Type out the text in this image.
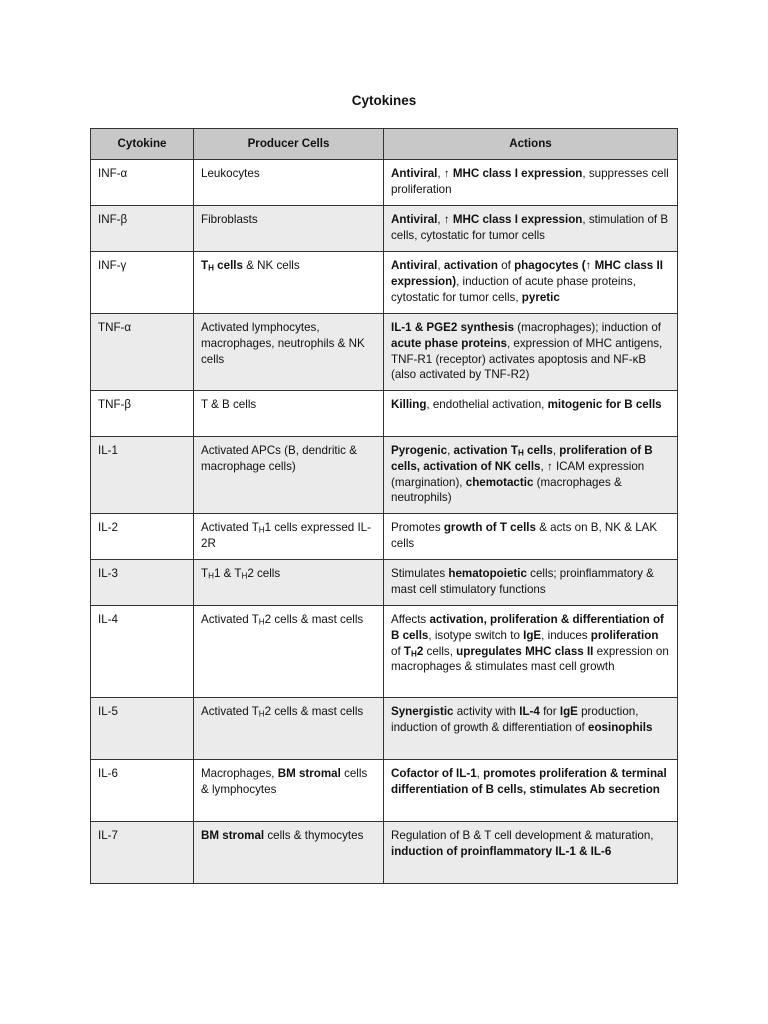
Cytokines
Cytokine	Producer Cells	Actions
INF-α	Leukocytes	Antiviral, ↑ MHC class I expression, suppresses cell proliferation
INF-β	Fibroblasts	Antiviral, ↑ MHC class I expression, stimulation of B cells, cytostatic for tumor cells
INF-γ	$T_H$ cells & NK cells	Antiviral, activation of phagocytes (↑ MHC class II expression), induction of acute phase proteins, cytostatic for tumor cells, pyretic
TNF-α	Activated lymphocytes, macrophages, neutrophils & NK cells	IL-1 & PGE2 synthesis (macrophages); induction of acute phase proteins, expression of MHC antigens, TNF-R1 (receptor) activates apoptosis and NF-κB (also activated by TNF-R2)
TNF-β	T & B cells	Killing, endothelial activation, mitogenic for B cells
IL-1	Activated APCs (B, dendritic & macrophage cells)	Pyrogenic, activation $T_H$ cells, proliferation of B cells, activation of NK cells, ↑ ICAM expression (margination), chemotactic (macrophages & neutrophils)
IL-2	Activated $T_H1$ cells expressed IL-2R	Promotes growth of T cells & acts on B, NK & LAK cells
IL-3	$T_H1$ & $T_H2$ cells	Stimulates hematopoietic cells; proinflammatory & mast cell stimulatory functions
IL-4	Activated $T_H2$ cells & mast cells	Affects activation, proliferation & differentiation of B cells, isotype switch to IgE, induces proliferation of $T_H2$ cells, upregulates MHC class II expression on macrophages & stimulates mast cell growth
IL-5	Activated $T_H2$ cells & mast cells	Synergistic activity with IL-4 for IgE production, induction of growth & differentiation of eosinophils
IL-6	Macrophages, BM stromal cells & lymphocytes	Cofactor of IL-1, promotes proliferation & terminal differentiation of B cells, stimulates Ab secretion
IL-7	BM stromal cells & thymocytes	Regulation of B & T cell development & maturation, induction of proinflammatory IL-1 & IL-6
